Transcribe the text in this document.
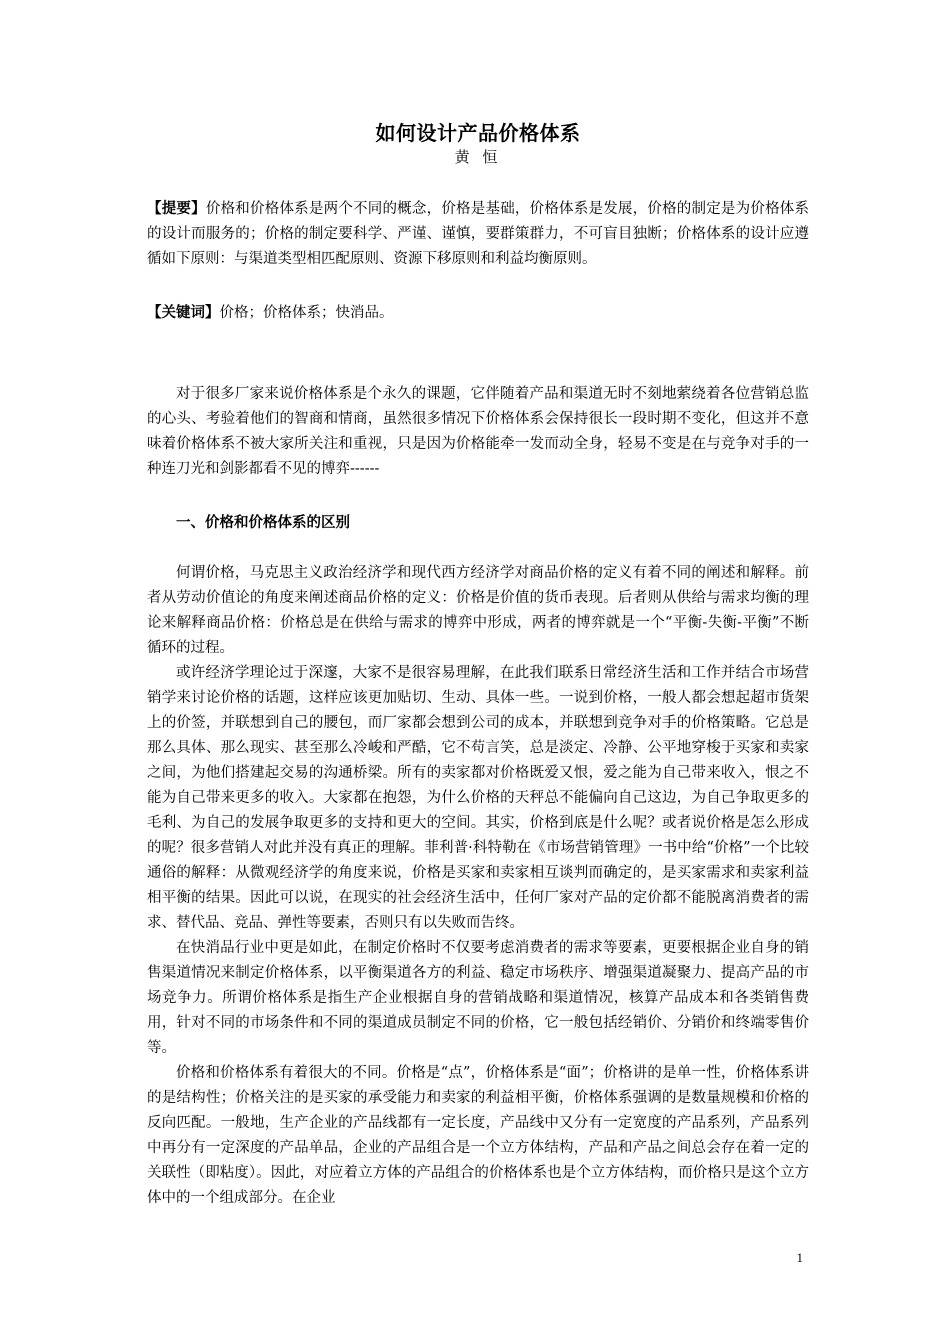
如何设计产品价格体系

黄 恒

【提要】价格和价格体系是两个不同的概念，价格是基础，价格体系是发展，价格的制定是为价格体系的设计而服务的；价格的制定要科学、严谨、谨慎，要群策群力，不可盲目独断；价格体系的设计应遵循如下原则：与渠道类型相匹配原则、资源下移原则和利益均衡原则。

【关键词】价格；价格体系；快消品。

对于很多厂家来说价格体系是个永久的课题，它伴随着产品和渠道无时不刻地萦绕着各位营销总监的心头、考验着他们的智商和情商，虽然很多情况下价格体系会保持很长一段时期不变化，但这并不意味着价格体系不被大家所关注和重视，只是因为价格能牵一发而动全身，轻易不变是在与竞争对手的一种连刀光和剑影都看不见的博弈------

一、价格和价格体系的区别

何谓价格，马克思主义政治经济学和现代西方经济学对商品价格的定义有着不同的阐述和解释。前者从劳动价值论的角度来阐述商品价格的定义：价格是价值的货币表现。后者则从供给与需求均衡的理论来解释商品价格：价格总是在供给与需求的博弈中形成，两者的博弈就是一个“平衡-失衡-平衡”不断循环的过程。

或许经济学理论过于深邃，大家不是很容易理解，在此我们联系日常经济生活和工作并结合市场营销学来讨论价格的话题，这样应该更加贴切、生动、具体一些。一说到价格，一般人都会想起超市货架上的价签，并联想到自己的腰包，而厂家都会想到公司的成本，并联想到竞争对手的价格策略。它总是那么具体、那么现实、甚至那么冷峻和严酷，它不苟言笑，总是淡定、冷静、公平地穿梭于买家和卖家之间，为他们搭建起交易的沟通桥梁。所有的卖家都对价格既爱又恨，爱之能为自己带来收入，恨之不能为自己带来更多的收入。大家都在抱怨，为什么价格的天秤总不能偏向自己这边，为自己争取更多的毛利、为自己的发展争取更多的支持和更大的空间。其实，价格到底是什么呢？或者说价格是怎么形成的呢？很多营销人对此并没有真正的理解。菲利普·科特勒在《市场营销管理》一书中给“价格”一个比较通俗的解释：从微观经济学的角度来说，价格是买家和卖家相互谈判而确定的，是买家需求和卖家利益相平衡的结果。因此可以说，在现实的社会经济生活中，任何厂家对产品的定价都不能脱离消费者的需求、替代品、竞品、弹性等要素，否则只有以失败而告终。

在快消品行业中更是如此，在制定价格时不仅要考虑消费者的需求等要素，更要根据企业自身的销售渠道情况来制定价格体系，以平衡渠道各方的利益、稳定市场秩序、增强渠道凝聚力、提高产品的市场竞争力。所谓价格体系是指生产企业根据自身的营销战略和渠道情况，核算产品成本和各类销售费用，针对不同的市场条件和不同的渠道成员制定不同的价格，它一般包括经销价、分销价和终端零售价等。

价格和价格体系有着很大的不同。价格是“点”，价格体系是“面”；价格讲的是单一性，价格体系讲的是结构性；价格关注的是买家的承受能力和卖家的利益相平衡，价格体系强调的是数量规模和价格的反向匹配。一般地，生产企业的产品线都有一定长度，产品线中又分有一定宽度的产品系列，产品系列中再分有一定深度的产品单品，企业的产品组合是一个立方体结构，产品和产品之间总会存在着一定的关联性（即粘度）。因此，对应着立方体的产品组合的价格体系也是个立方体结构，而价格只是这个立方体中的一个组成部分。在企业

1
